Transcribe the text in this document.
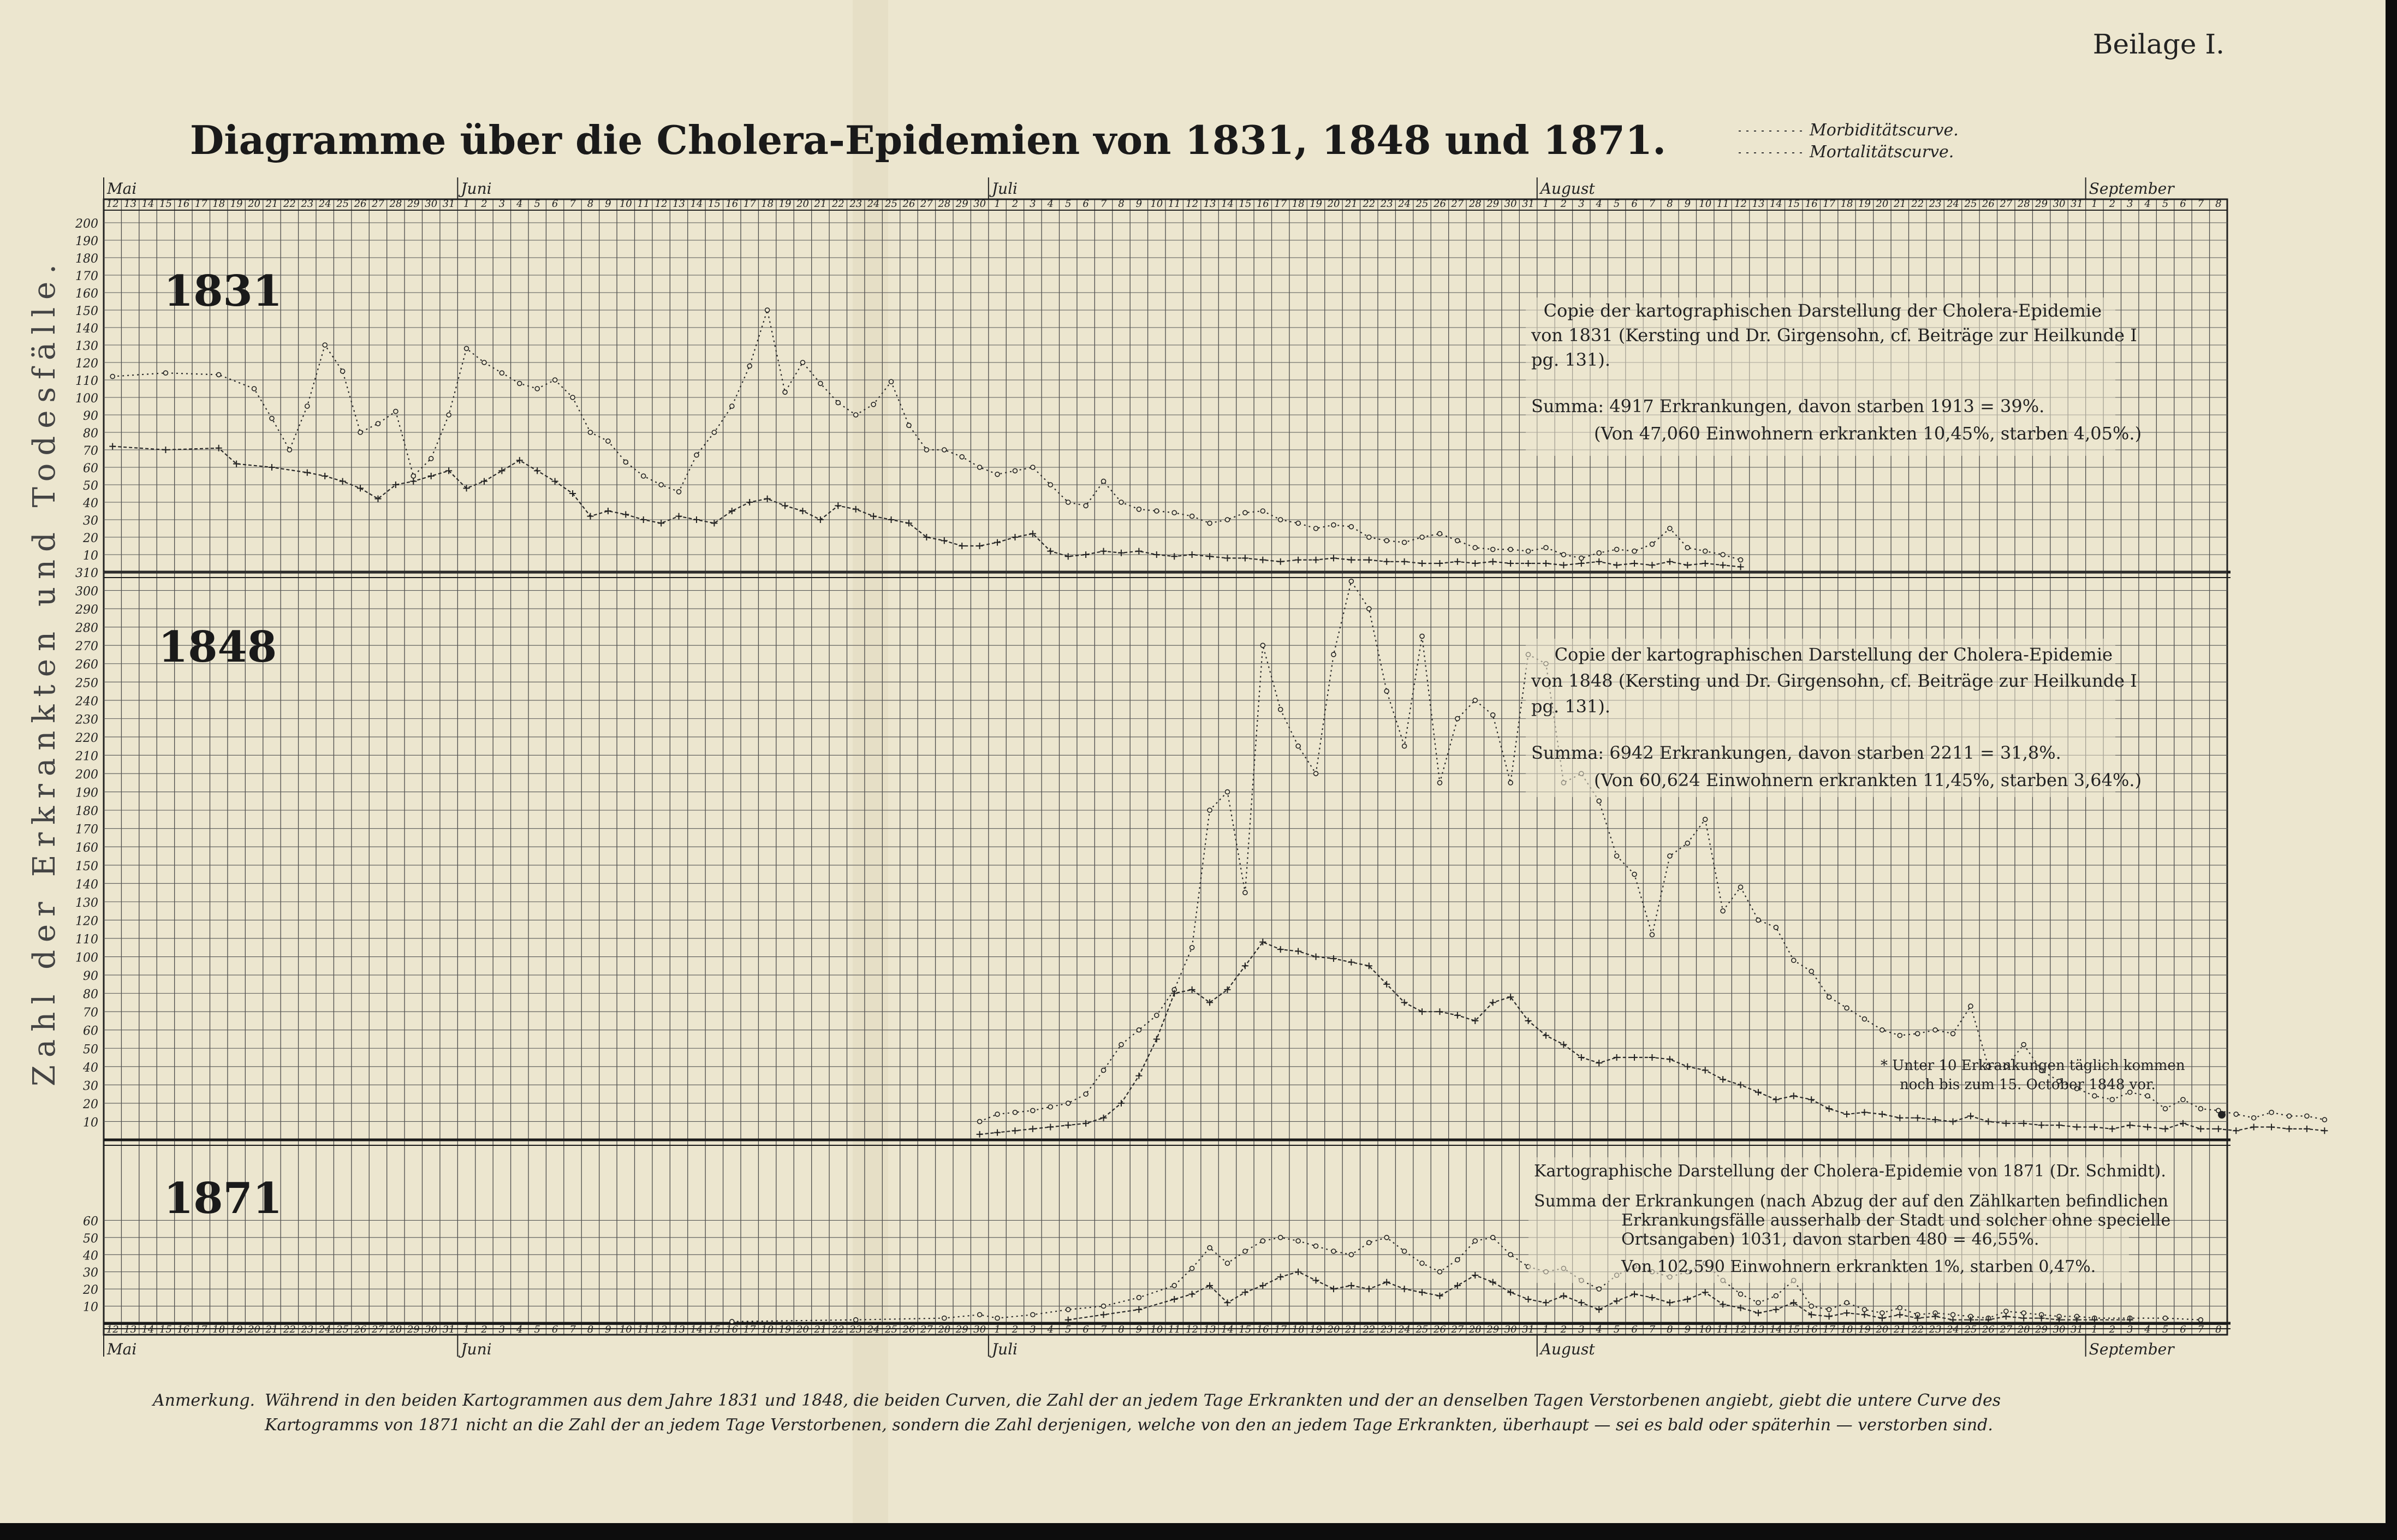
Beilage I.
Diagramme über die Cholera-Epidemien von 1831, 1848 und 1871.	Morbiditätscurve.
Mortalitätscurve.
Zahl der Erkrankten und Todesfälle.
Mai	Juni	Juli	August	September
Mai	Juni	Juli	August	September
12
12
13
13
14
14
15
15
16
16
17
17
18
18
19
19
20
20
21
21
22
22
23
23
24
24
25
25
26
26
27
27
28
28
29
29
30
30
31
31
1
1
2
2
3
3
4
4
5
5
6
6
7
7
8
8
9
9
10
10
11
11
12
12
13
13
14
14
15
15
16
16
17
17
18
18
19
19
20
20
21
21
22
22
23
23
24
24
25
25
26
26
27
27
28
28
29
29
30
30
1
1
2
2
3
3
4
4
5
5
6
6
7
7
8
8
9
9
10
10
11
11
12
12
13
13
14
14
15
15
16
16
17
17
18
18
19
19
20
20
21
21
22
22
23
23
24
24
25
25
26
26
27
27
28
28
29
29
30
30
31
31
1
1
2
2
3
3
4
4
5
5
6
6
7
7
8
8
9
9
10
10
11
11
12
12
13
13
14
14
15
15
16
16
17
17
18
18
19
19
20
20
21
21
22
22
23
23
24
24
25
25
26
26
27
27
28
28
29
29
30
30
31
31
1
1
2
2
3
3
4
4
5
5
6
6
7
7
8
8
10
20
30
40
50
60
70
80
90
100
110
120
130
140
150
160
170
180
190
200
10
20
30
40
50
60
70
80
90
100
110
120
130
140
150
160
170
180
190
200
210
220
230
240
250
260
270
280
290
300
310
10
20
30
40
50
60
1831
1848
1871
Copie der kartographischen Darstellung der Cholera-Epidemie
von 1831 (Kersting und Dr. Girgensohn, cf. Beiträge zur Heilkunde I
pg. 131).
Summa: 4917 Erkrankungen, davon starben 1913 = 39%.
(Von 47,060 Einwohnern erkrankten 10,45%, starben 4,05%.)
Copie der kartographischen Darstellung der Cholera-Epidemie
von 1848 (Kersting und Dr. Girgensohn, cf. Beiträge zur Heilkunde I
pg. 131).
Summa: 6942 Erkrankungen, davon starben 2211 = 31,8%.
(Von 60,624 Einwohnern erkrankten 11,45%, starben 3,64%.)
* Unter 10 Erkrankungen täglich kommen
noch bis zum 15. October 1848 vor.
Kartographische Darstellung der Cholera-Epidemie von 1871 (Dr. Schmidt).
Summa der Erkrankungen (nach Abzug der auf den Zählkarten befindlichen
Erkrankungsfälle ausserhalb der Stadt und solcher ohne specielle
Ortsangaben) 1031, davon starben 480 = 46,55%.
Von 102,590 Einwohnern erkrankten 1%, starben 0,47%.
Anmerkung. Während in den beiden Kartogrammen aus dem Jahre 1831 und 1848, die beiden Curven, die Zahl der an jedem Tage Erkrankten und der an denselben Tagen Verstorbenen angiebt, giebt die untere Curve des
Kartogramms von 1871 nicht an die Zahl der an jedem Tage Verstorbenen, sondern die Zahl derjenigen, welche von den an jedem Tage Erkrankten, überhaupt — sei es bald oder späterhin — verstorben sind.
